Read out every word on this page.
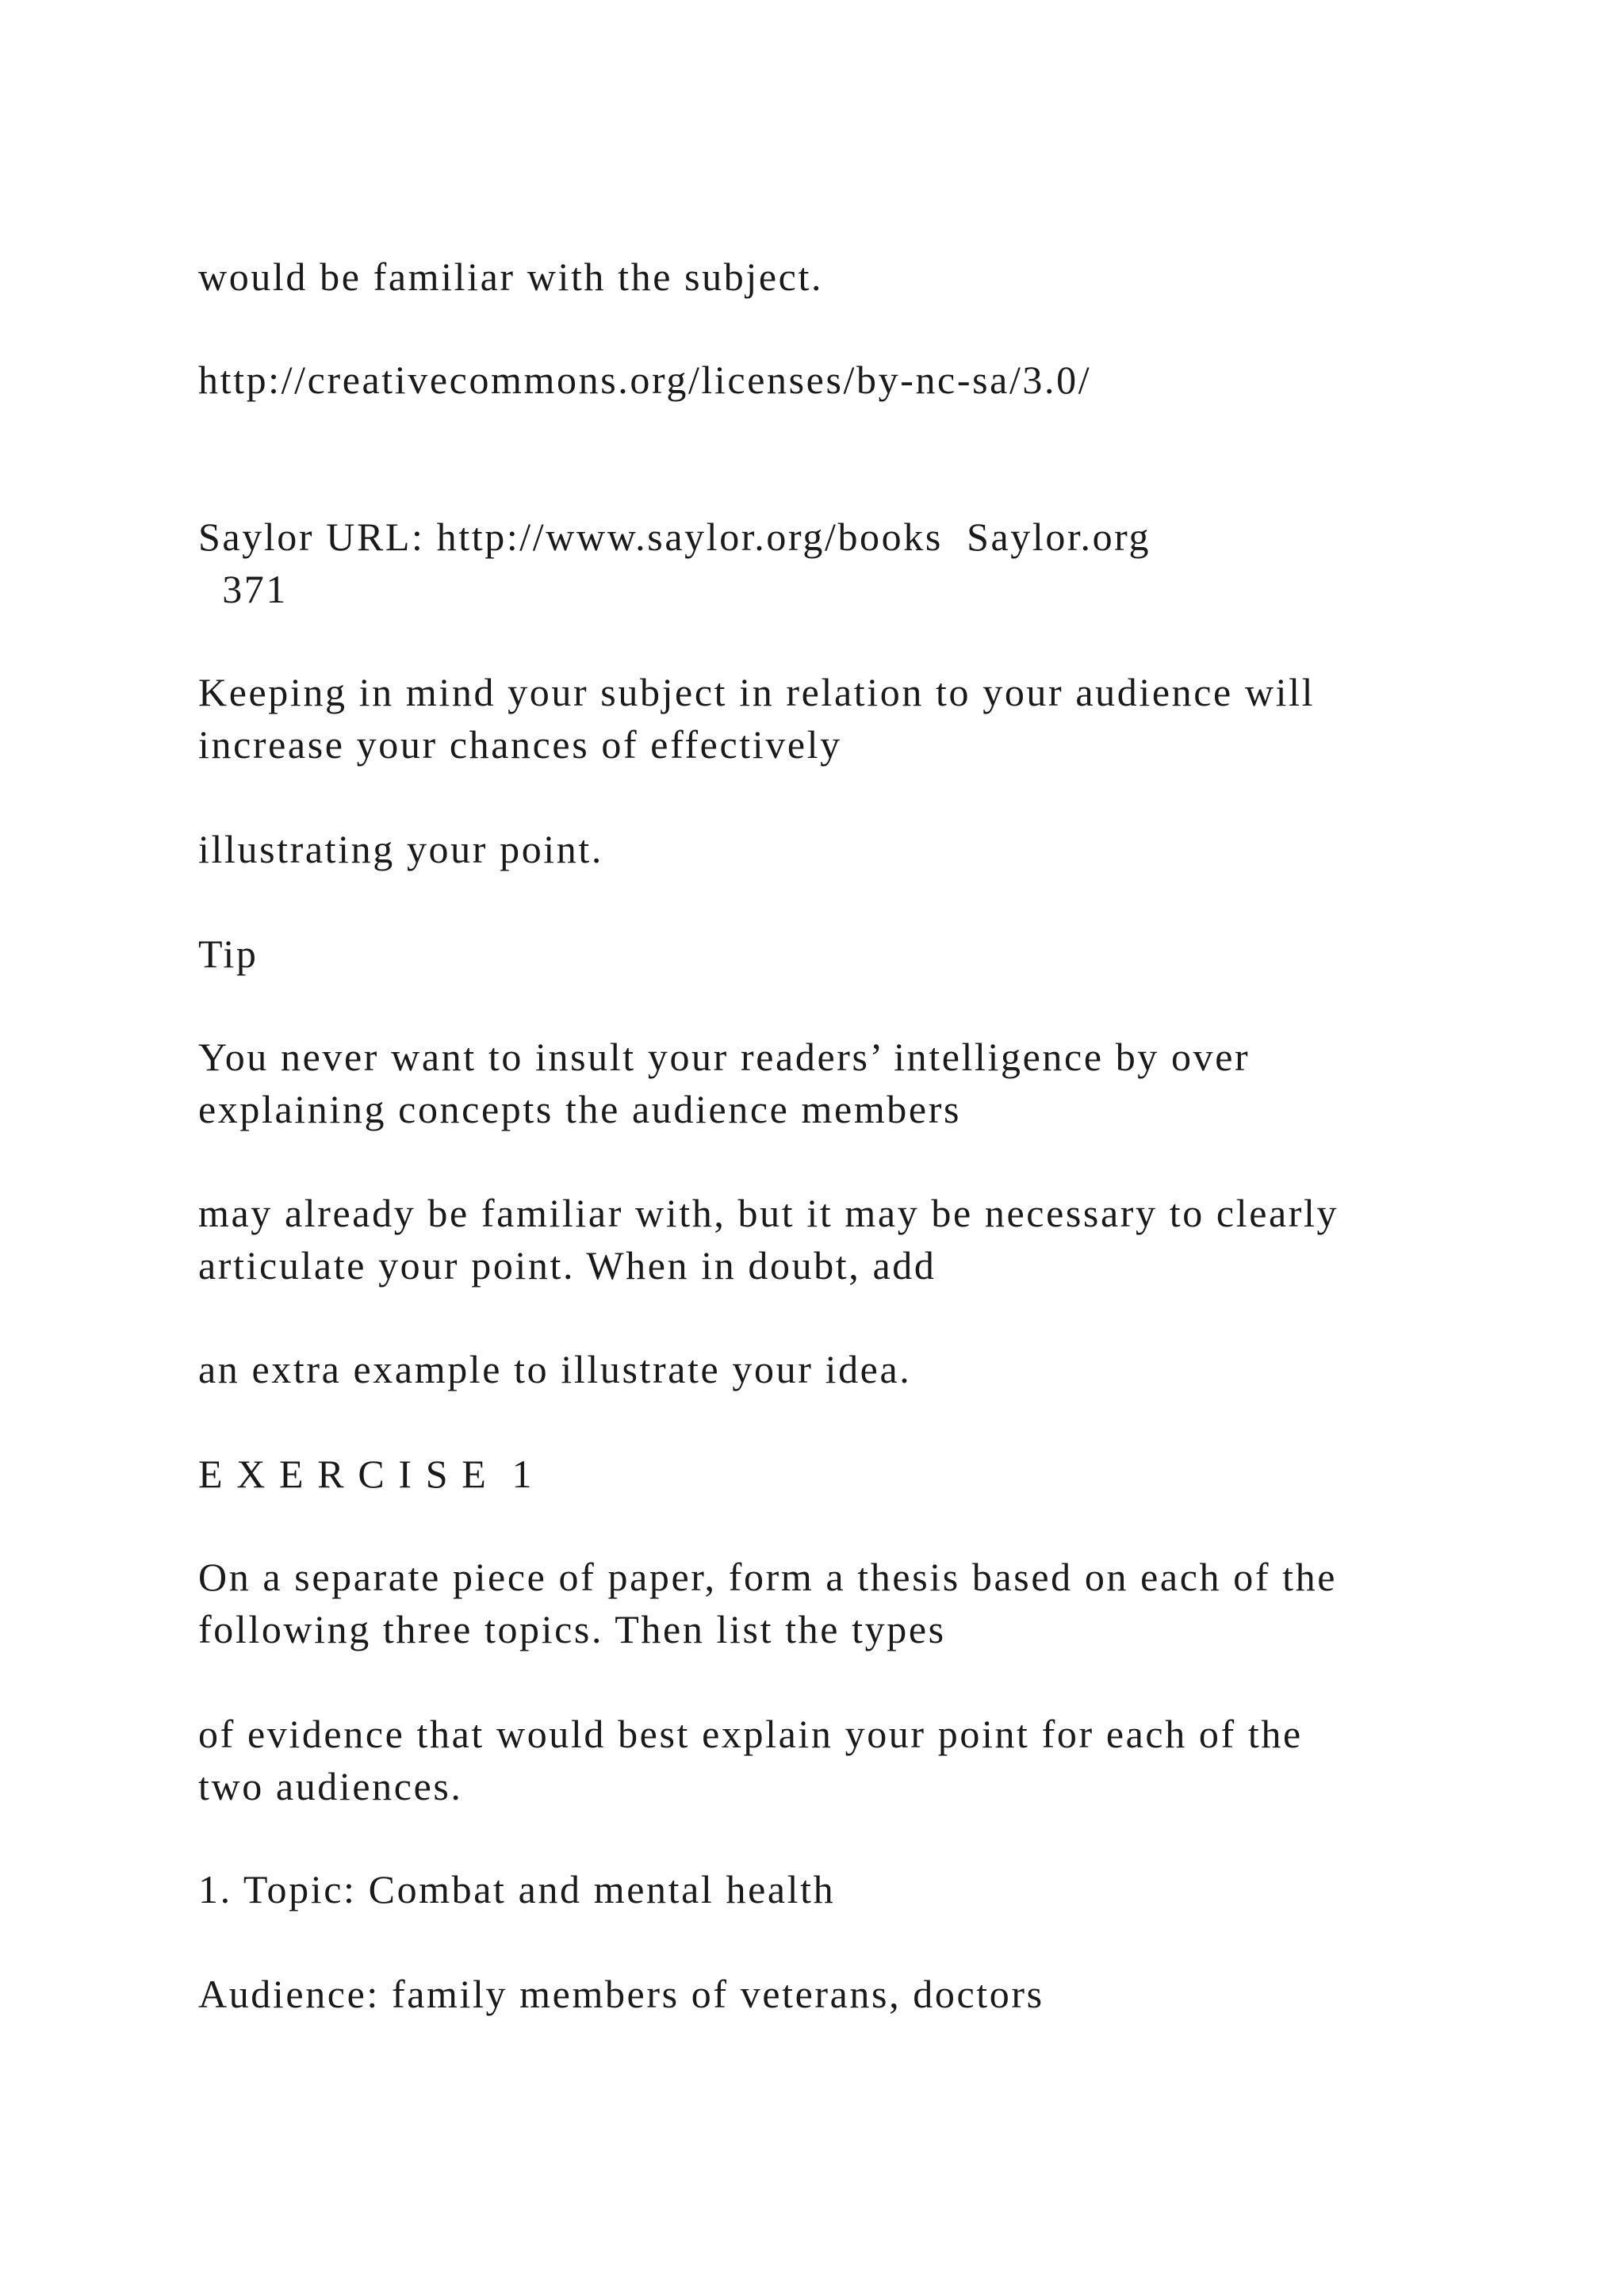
would be familiar with the subject.

http://creativecommons.org/licenses/by-nc-sa/3.0/

Saylor URL: http://www.saylor.org/books  Saylor.org
371
Keeping in mind your subject in relation to your audience will
increase your chances of effectively

illustrating your point.

Tip

You never want to insult your readers’ intelligence by over
explaining concepts the audience members
may already be familiar with, but it may be necessary to clearly
articulate your point. When in doubt, add

an extra example to illustrate your idea.

E X E R C I S E  1

On a separate piece of paper, form a thesis based on each of the
following three topics. Then list the types
of evidence that would best explain your point for each of the
two audiences.

1. Topic: Combat and mental health

Audience: family members of veterans, doctors
